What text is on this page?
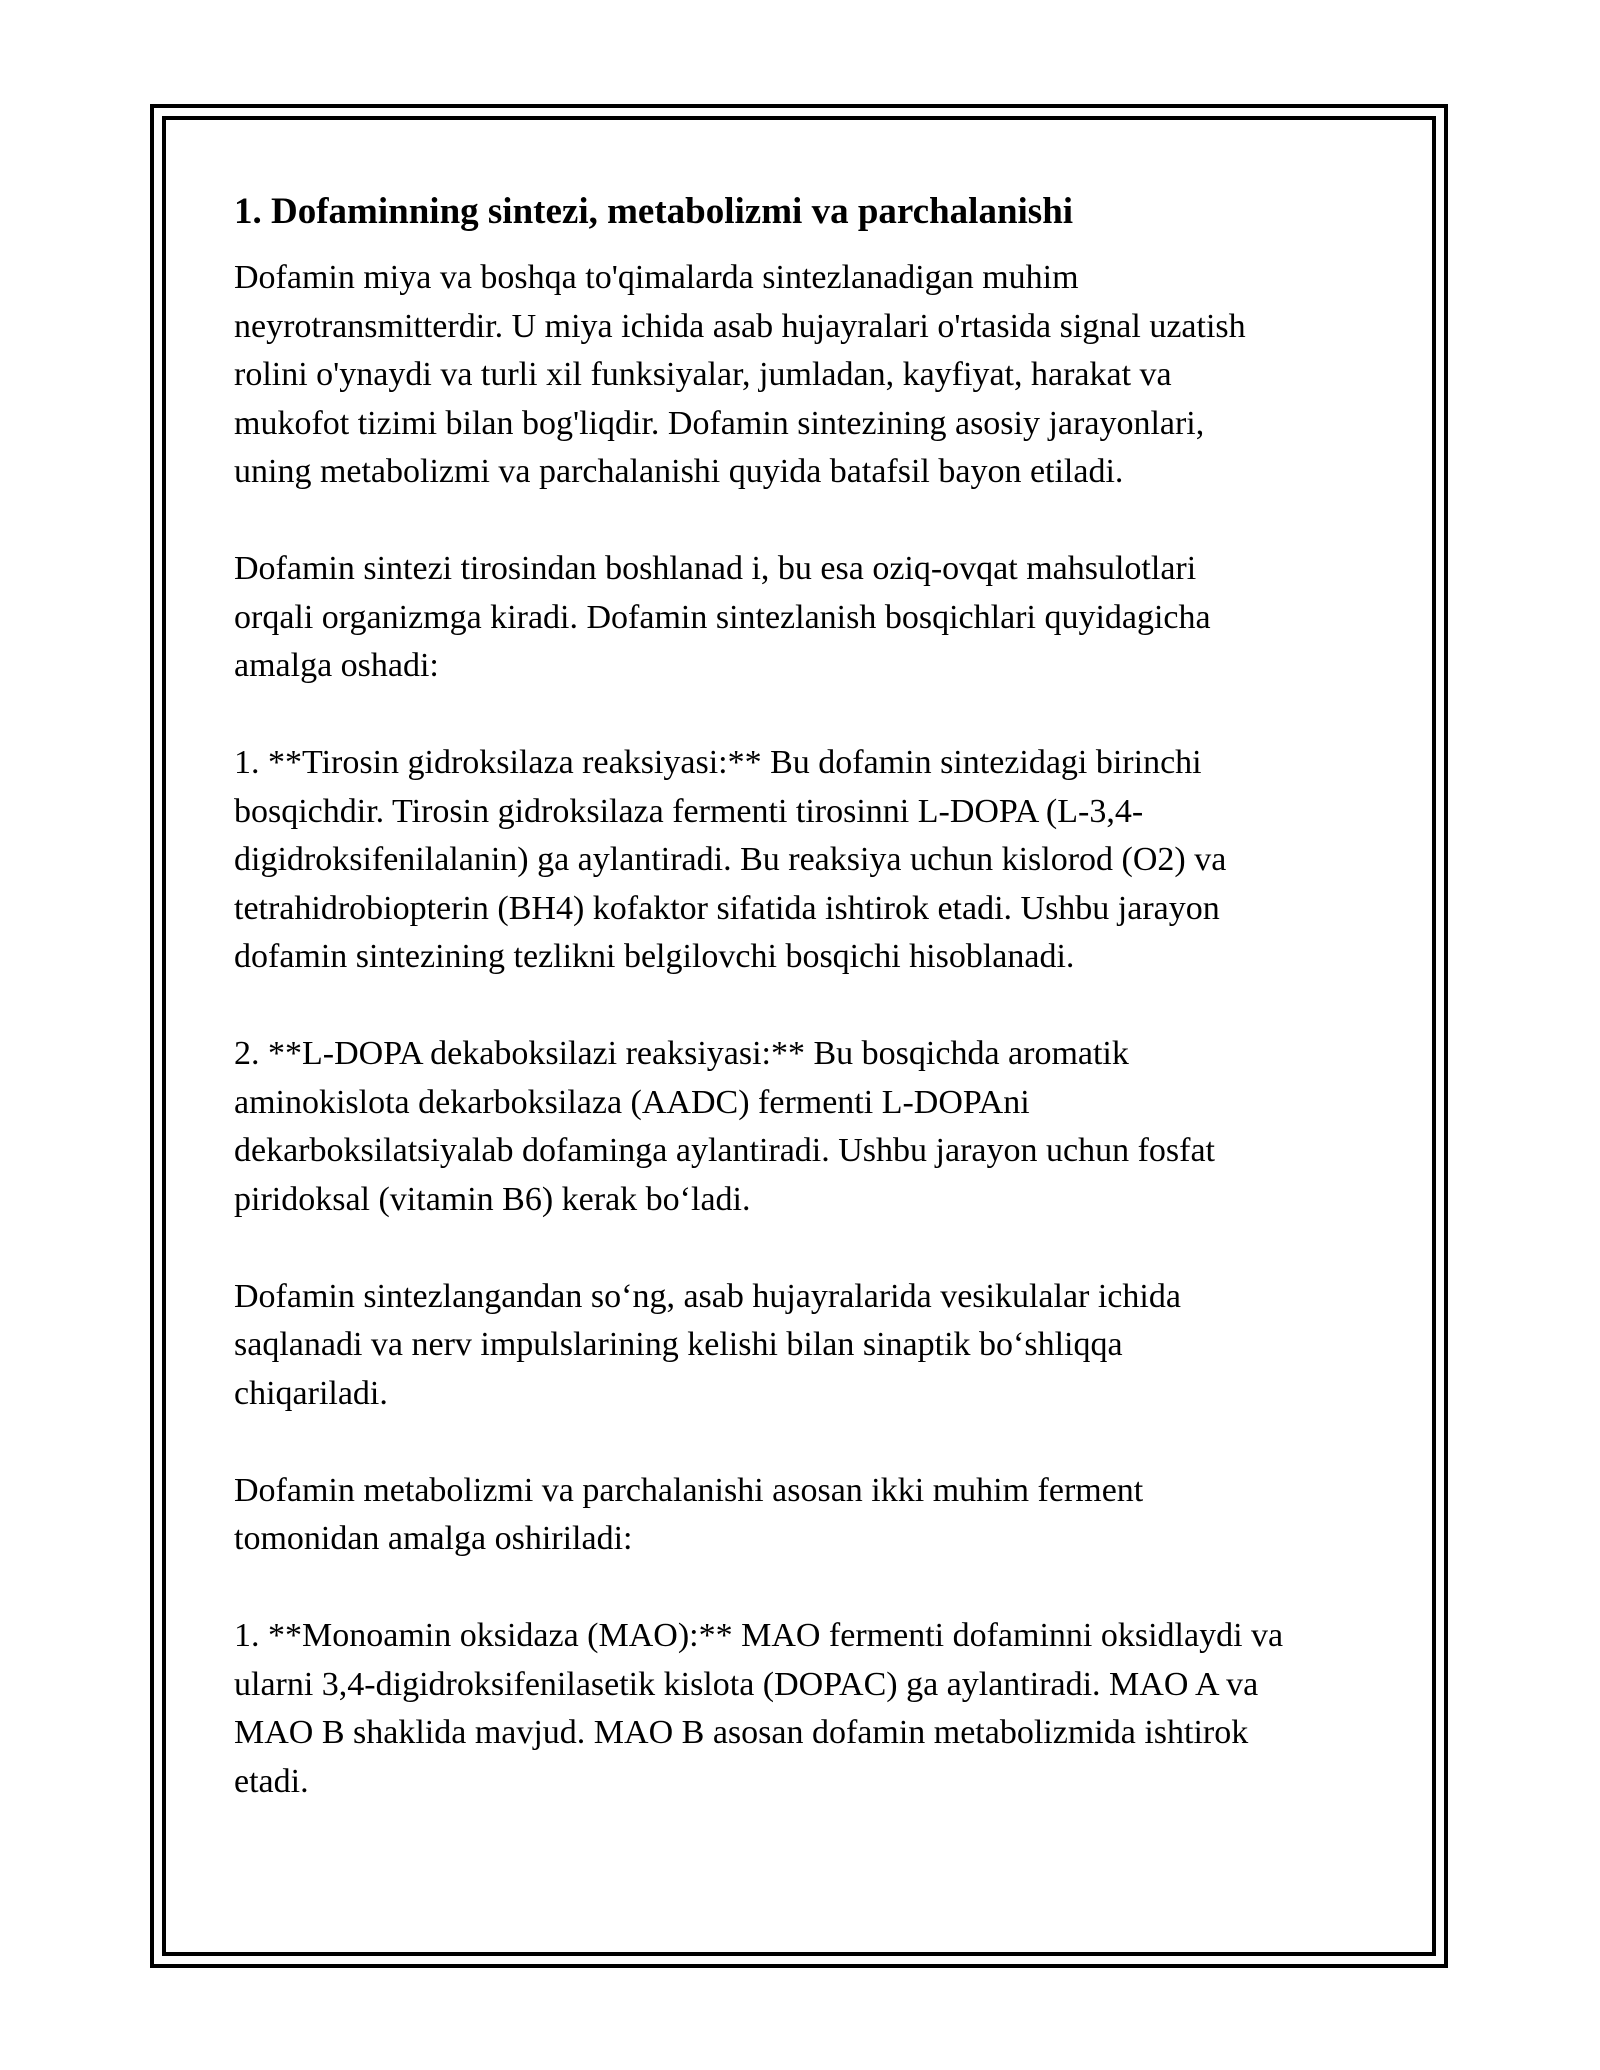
1. Dofaminning sintezi, metabolizmi va parchalanishi

Dofamin miya va boshqa to'qimalarda sintezlanadigan muhim
neyrotransmitterdir. U miya ichida asab hujayralari o'rtasida signal uzatish
rolini o'ynaydi va turli xil funksiyalar, jumladan, kayfiyat, harakat va
mukofot tizimi bilan bog'liqdir. Dofamin sintezining asosiy jarayonlari,
uning metabolizmi va parchalanishi quyida batafsil bayon etiladi.

Dofamin sintezi tirosindan boshlanad i, bu esa oziq-ovqat mahsulotlari
orqali organizmga kiradi. Dofamin sintezlanish bosqichlari quyidagicha
amalga oshadi:

1. **Tirosin gidroksilaza reaksiyasi:** Bu dofamin sintezidagi birinchi
bosqichdir. Tirosin gidroksilaza fermenti tirosinni L-DOPA (L-3,4-
digidroksifenilalanin) ga aylantiradi. Bu reaksiya uchun kislorod (O2) va
tetrahidrobiopterin (BH4) kofaktor sifatida ishtirok etadi. Ushbu jarayon
dofamin sintezining tezlikni belgilovchi bosqichi hisoblanadi.

2. **L-DOPA dekaboksilazi reaksiyasi:** Bu bosqichda aromatik
aminokislota dekarboksilaza (AADC) fermenti L-DOPAni
dekarboksilatsiyalab dofaminga aylantiradi. Ushbu jarayon uchun fosfat
piridoksal (vitamin B6) kerak bo‘ladi.

Dofamin sintezlangandan so‘ng, asab hujayralarida vesikulalar ichida
saqlanadi va nerv impulslarining kelishi bilan sinaptik bo‘shliqqa
chiqariladi.

Dofamin metabolizmi va parchalanishi asosan ikki muhim ferment
tomonidan amalga oshiriladi:

1. **Monoamin oksidaza (MAO):** MAO fermenti dofaminni oksidlaydi va
ularni 3,4-digidroksifenilasetik kislota (DOPAC) ga aylantiradi. MAO A va
MAO B shaklida mavjud. MAO B asosan dofamin metabolizmida ishtirok
etadi.
